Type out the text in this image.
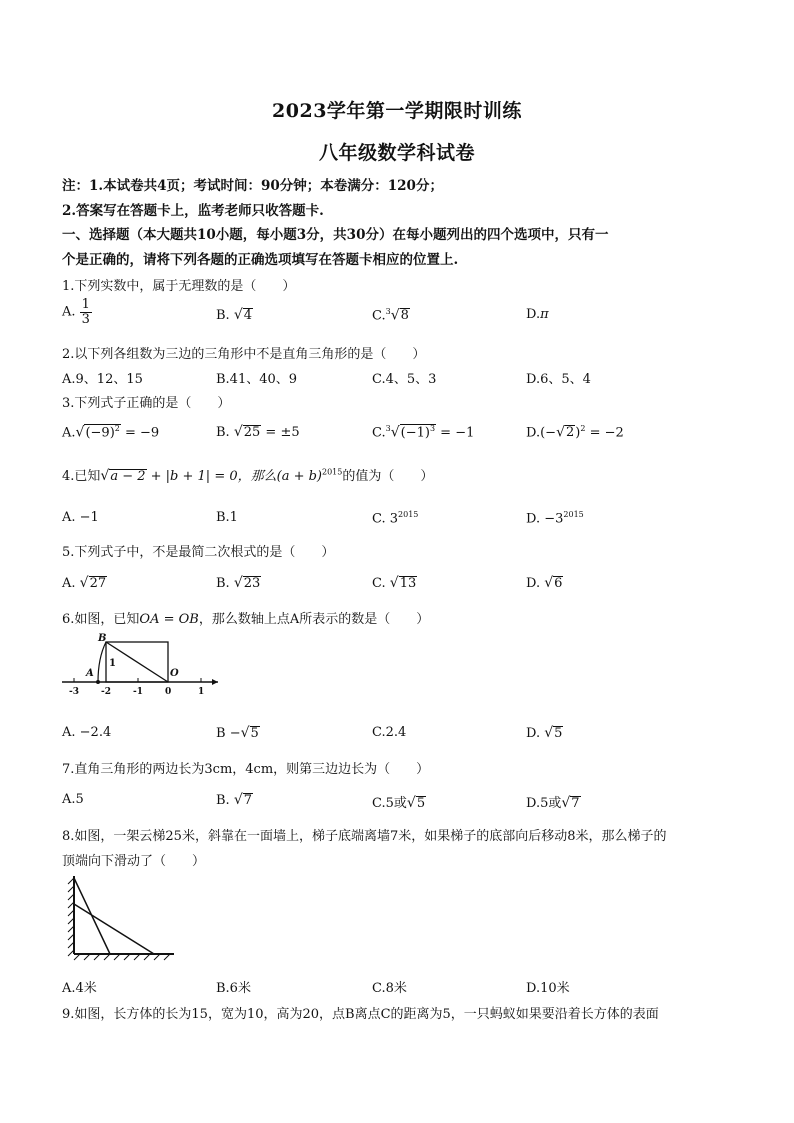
2023学年第一学期限时训练
八年级数学科试卷
注：1.本试卷共4页；考试时间：90分钟；本卷满分：120分；
2.答案写在答题卡上，监考老师只收答题卡.
一、选择题（本大题共10小题，每小题3分，共30分）在每小题列出的四个选项中，只有一
个是正确的，请将下列各题的正确选项填写在答题卡相应的位置上.
1.下列实数中，属于无理数的是（　　）
A. $\frac{1}{3}$	B. √4	C.$^3$√8	D.π
2.以下列各组数为三边的三角形中不是直角三角形的是（　　）
A.9、12、15	B.41、40、9	C.4、5、3	D.6、5、4
3.下列式子正确的是（　　）
$A.√(-9)^2 = -9$	B. √25 = ±5	$C.^3√(-1)^3 = -1$	$D.(-√2)^2 = -2$
4.已知√a − 2 + |b + 1| = 0，那么$(a + b)^{2015}$的值为（　　）
A. −1	B.1	C. $3^{2015}$	D. $-3^{2015}$
5.下列式子中，不是最简二次根式的是（　　）
A. √27	B. √23	C. √13	D. √6
6.如图，已知OA = OB，那么数轴上点A所表示的数是（　　）
B
A
1
O
-3 -2 -1 0	1
A. −2.4	B −√5	C.2.4	D. √5
7.直角三角形的两边长为3cm，4cm，则第三边边长为（　　）
A.5	B. √7	C.5或√5	D.5或√7
8.如图，一架云梯25米，斜靠在一面墙上，梯子底端离墙7米，如果梯子的底部向后移动8米，那么梯子的
顶端向下滑动了（　　）
A.4米	B.6米	C.8米	D.10米
9.如图，长方体的长为15，宽为10，高为20，点B离点C的距离为5，一只蚂蚁如果要沿着长方体的表面
